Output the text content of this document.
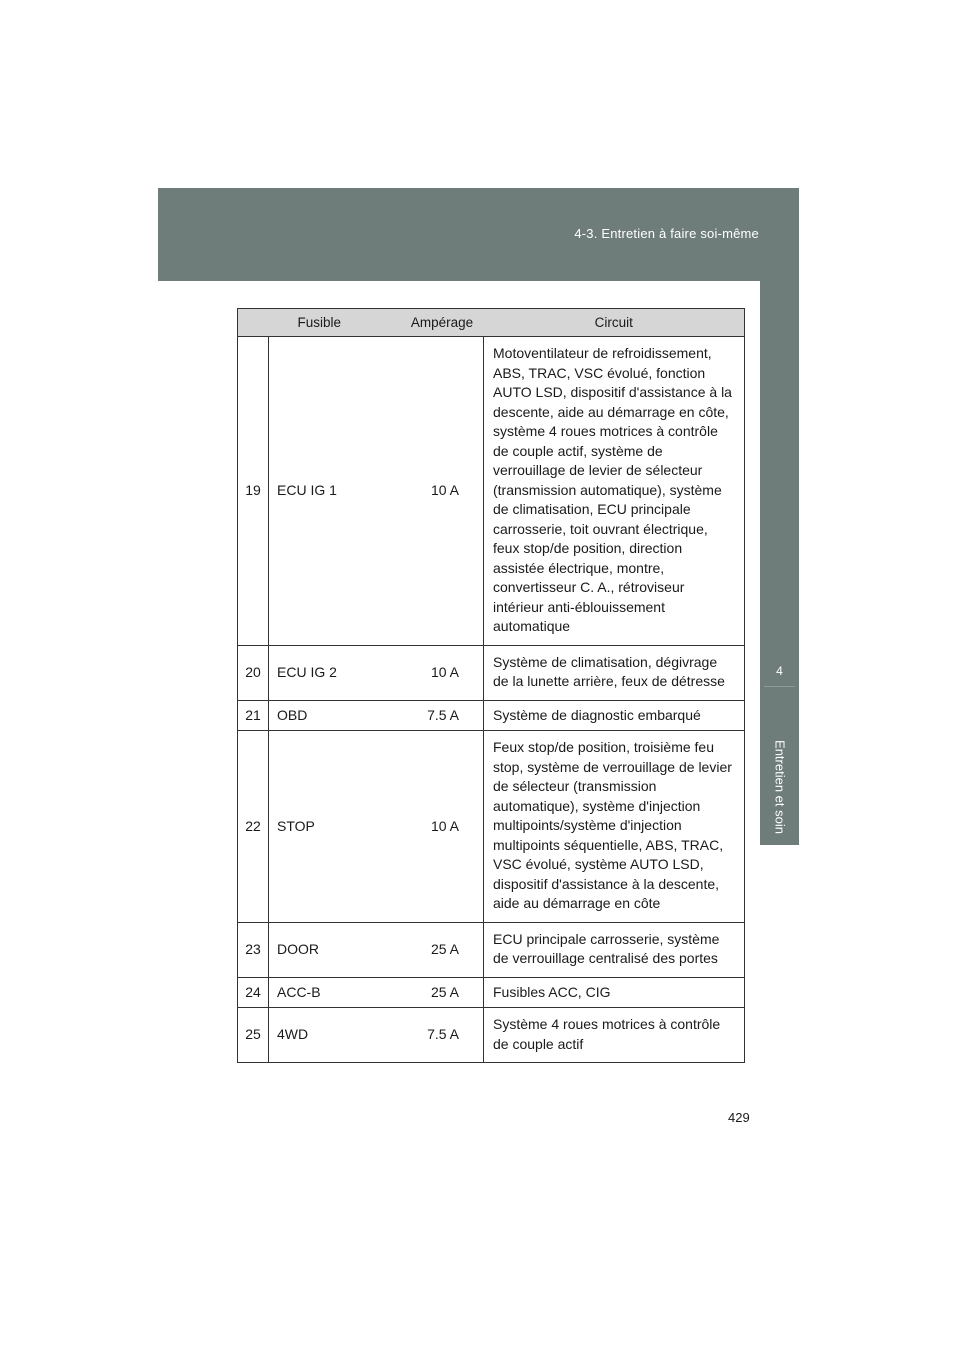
4-3. Entretien à faire soi-même
4
Entretien et soin
Fusible		Ampérage	Circuit
19	ECU IG 1	10 A	Motoventilateur de refroidissement, ABS, TRAC, VSC évolué, fonction AUTO LSD, dispositif d'assistance à la descente, aide au démarrage en côte, système 4 roues motrices à contrôle de couple actif, système de verrouillage de levier de sélecteur (transmission automatique), système de climatisation, ECU principale carrosserie, toit ouvrant électrique, feux stop/de position, direction assistée électrique, montre, convertisseur C. A., rétroviseur intérieur anti-éblouissement automatique
20	ECU IG 2	10 A	Système de climatisation, dégivrage de la lunette arrière, feux de détresse
21	OBD	7.5 A	Système de diagnostic embarqué
22	STOP	10 A	Feux stop/de position, troisième feu stop, système de verrouillage de levier de sélecteur (transmission automatique), système d'injection multipoints/système d'injection multipoints séquentielle, ABS, TRAC, VSC évolué, système AUTO LSD, dispositif d'assistance à la descente, aide au démarrage en côte
23	DOOR	25 A	ECU principale carrosserie, système de verrouillage centralisé des portes
24	ACC-B	25 A	Fusibles ACC, CIG
25	4WD	7.5 A	Système 4 roues motrices à contrôle de couple actif
429
